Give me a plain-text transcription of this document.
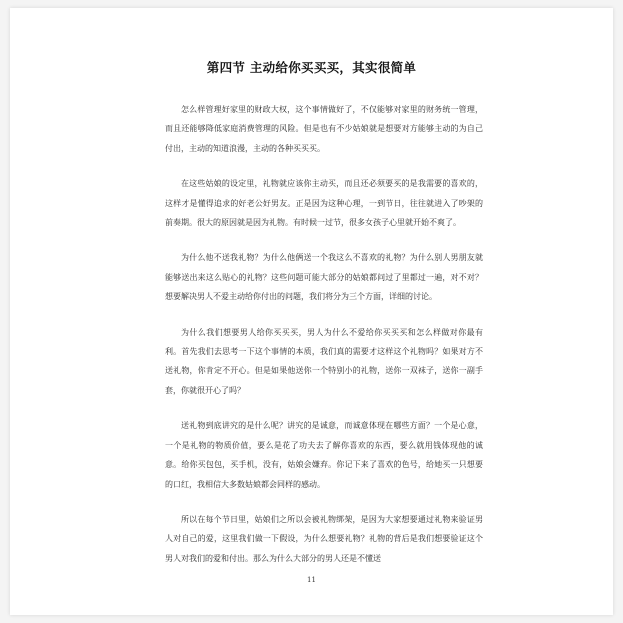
第四节 主动给你买买买，其实很简单

怎么样管理好家里的财政大权，这个事情做好了，不仅能够对家里的财务统一管理，而且还能够降低家庭消费管理的风险。但是也有不少姑娘就是想要对方能够主动的为自己付出，主动的知道浪漫，主动的各种买买买。

在这些姑娘的设定里，礼物就应该你主动买，而且还必须要买的是我需要的喜欢的，这样才是懂得追求的好老公好男友。正是因为这种心理，一到节日，往往就进入了吵架的前奏期。很大的原因就是因为礼物。有时候一过节，很多女孩子心里就开始不爽了。

为什么他不送我礼物？为什么他俩送一个我这么不喜欢的礼物？为什么别人男朋友就能够送出来这么贴心的礼物？这些问题可能大部分的姑娘都问过了里都过一遍，对不对？想要解决男人不爱主动给你付出的问题，我们将分为三个方面，详细的讨论。

为什么我们想要男人给你买买买，男人为什么不爱给你买买买和怎么样做对你最有利。首先我们去思考一下这个事情的本质，我们真的需要才这样这个礼物吗？如果对方不送礼物，你肯定不开心。但是如果他送你一个特别小的礼物，送你一双袜子，送你一副手套，你就很开心了吗？

送礼物到底讲究的是什么呢？讲究的是诚意，而诚意体现在哪些方面？一个是心意，一个是礼物的物质价值，要么是花了功夫去了解你喜欢的东西，要么就用钱体现他的诚意。给你买包包，买手机，没有，姑娘会嫌弃。你记下来了喜欢的色号，给她买一只想要的口红，我相信大多数姑娘都会同样的感动。

所以在每个节日里，姑娘们之所以会被礼物绑架，是因为大家想要通过礼物来验证男人对自己的爱，这里我们做一下假设，为什么想要礼物？礼物的背后是我们想要验证这个男人对我们的爱和付出。那么为什么大部分的男人还是不懂送

11
